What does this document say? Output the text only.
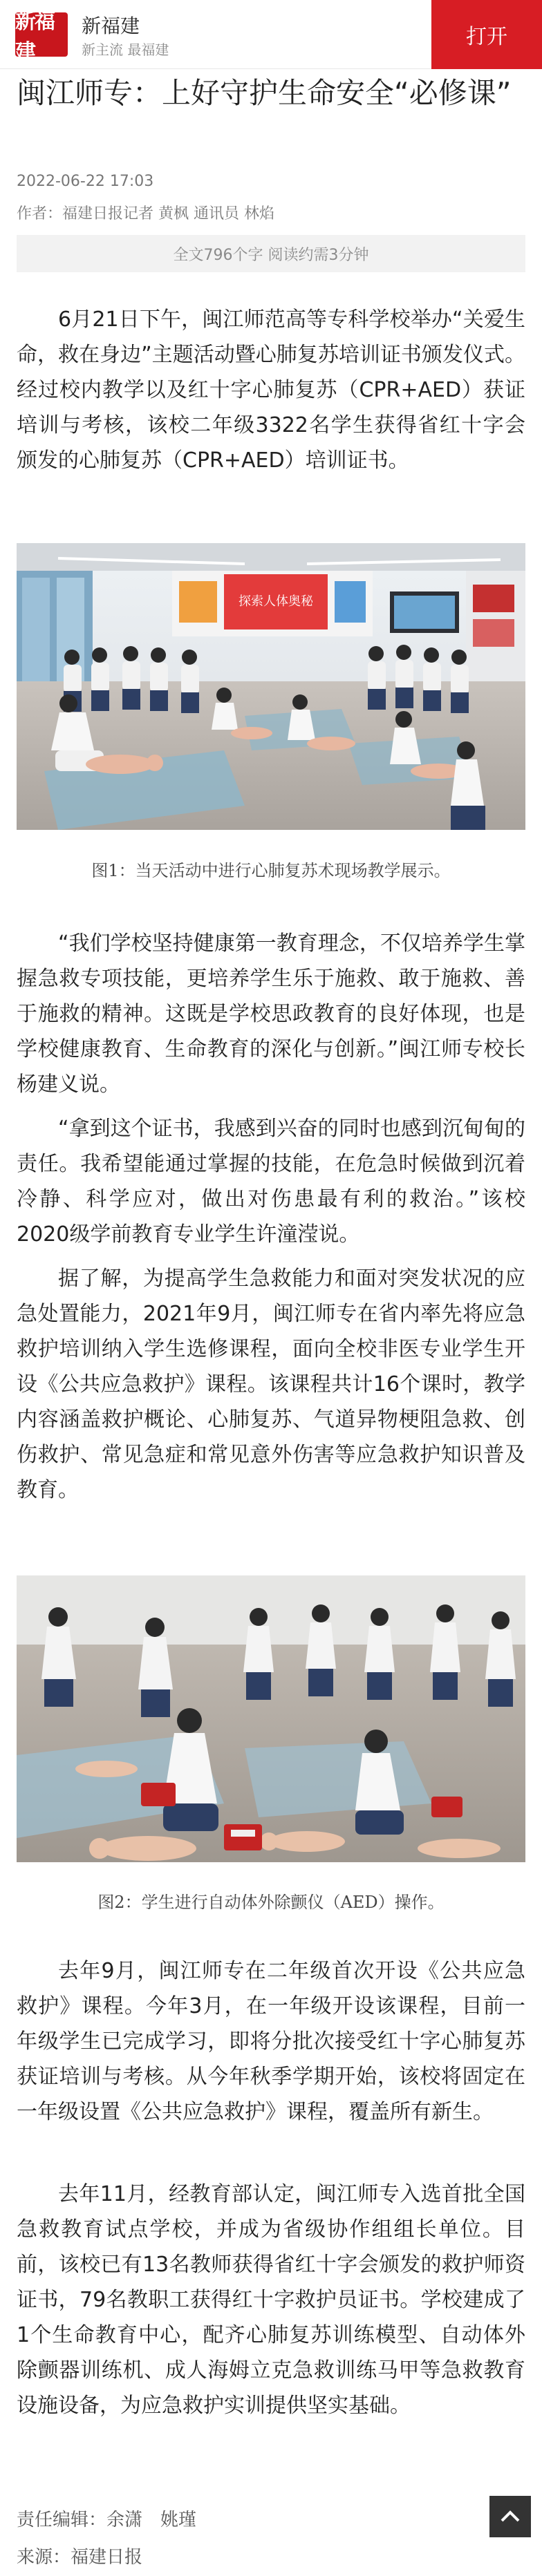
新福建
新福建
新主流 最福建
打开
闽江师专：上好守护生命安全“必修课”
2022-06-22 17:03
作者：福建日报记者 黄枫 通讯员 林焰
全文796个字 阅读约需3分钟

6月21日下午，闽江师范高等专科学校举办“关爱生命，救在身边”主题活动暨心肺复苏培训证书颁发仪式。经过校内教学以及红十字心肺复苏（CPR+AED）获证培训与考核，该校二年级3322名学生获得省红十字会颁发的心肺复苏（CPR+AED）培训证书。

探索人体奥秘
图1：当天活动中进行心肺复苏术现场教学展示。

“我们学校坚持健康第一教育理念，不仅培养学生掌握急救专项技能，更培养学生乐于施救、敢于施救、善于施救的精神。这既是学校思政教育的良好体现，也是学校健康教育、生命教育的深化与创新。”闽江师专校长杨建义说。

“拿到这个证书，我感到兴奋的同时也感到沉甸甸的责任。我希望能通过掌握的技能，在危急时候做到沉着冷静、科学应对，做出对伤患最有利的救治。”该校2020级学前教育专业学生许潼滢说。

据了解，为提高学生急救能力和面对突发状况的应急处置能力，2021年9月，闽江师专在省内率先将应急救护培训纳入学生选修课程，面向全校非医专业学生开设《公共应急救护》课程。该课程共计16个课时，教学内容涵盖救护概论、心肺复苏、气道异物梗阻急救、创伤救护、常见急症和常见意外伤害等应急救护知识普及教育。

图2：学生进行自动体外除颤仪（AED）操作。

去年9月，闽江师专在二年级首次开设《公共应急救护》课程。今年3月，在一年级开设该课程，目前一年级学生已完成学习，即将分批次接受红十字心肺复苏获证培训与考核。从今年秋季学期开始，该校将固定在一年级设置《公共应急救护》课程，覆盖所有新生。

去年11月，经教育部认定，闽江师专入选首批全国急救教育试点学校，并成为省级协作组组长单位。目前，该校已有13名教师获得省红十字会颁发的救护师资证书，79名教职工获得红十字救护员证书。学校建成了1个生命教育中心，配齐心肺复苏训练模型、自动体外除颤器训练机、成人海姆立克急救训练马甲等急救教育设施设备，为应急救护实训提供坚实基础。

责任编辑：余潇　姚瑾
来源：福建日报
